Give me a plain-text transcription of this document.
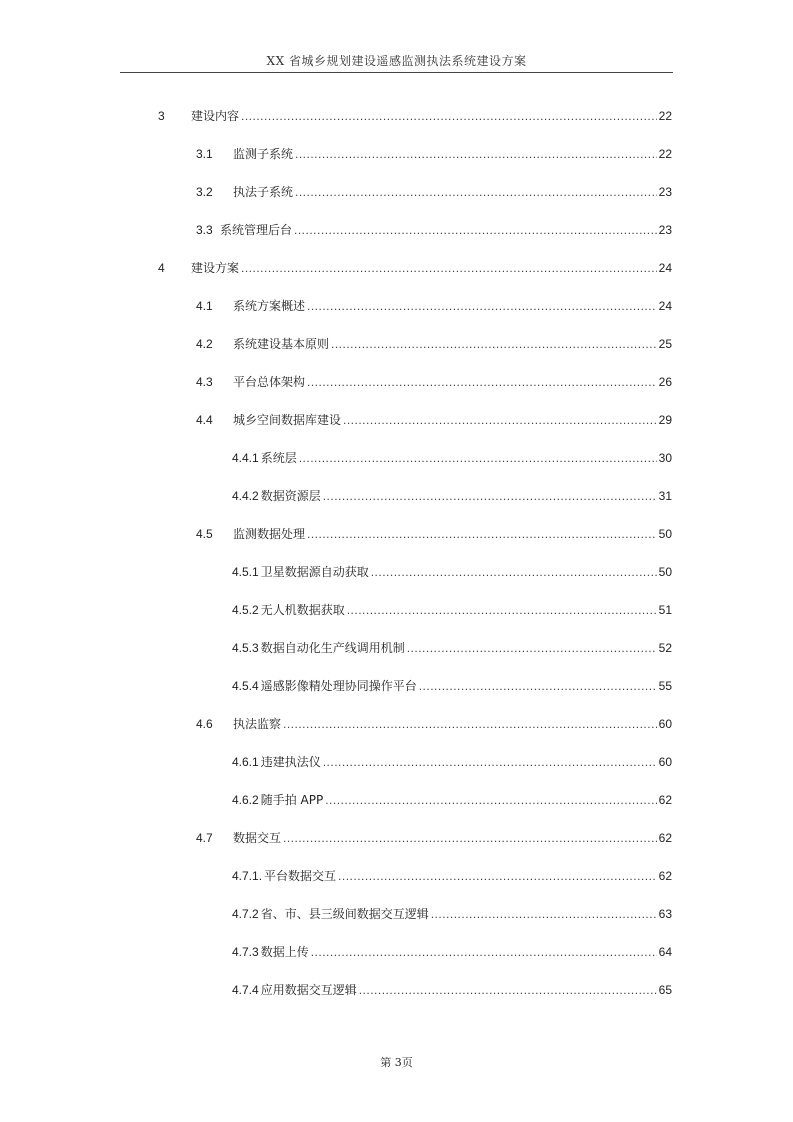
XX 省城乡规划建设遥感监测执法系统建设方案
3	建设内容 .....	22
3.1	监测子系统 .....	22
3.2	执法子系统 .....	23
3.3 系统管理后台 .....	23
4	建设方案 .....	24
4.1	系统方案概述 .....	24
4.2	系统建设基本原则 .....	25
4.3	平台总体架构 .....	26
4.4	城乡空间数据库建设 .....	29
4.4.1 系统层 .....	30
4.4.2 数据资源层 .....	31
4.5	监测数据处理 .....	50
4.5.1 卫星数据源自动获取 .....	50
4.5.2 无人机数据获取 .....	51
4.5.3 数据自动化生产线调用机制 .....	52
4.5.4 遥感影像精处理协同操作平台 .....	55
4.6	执法监察 .....	60
4.6.1 违建执法仪 .....	60
4.6.2 随手拍 APP .....	62
4.7	数据交互 .....	62
4.7.1. 平台数据交互 .....	62
4.7.2 省、市、县三级间数据交互逻辑 .....	63
4.7.3 数据上传 .....	64
4.7.4 应用数据交互逻辑 .....	65
第 3页
